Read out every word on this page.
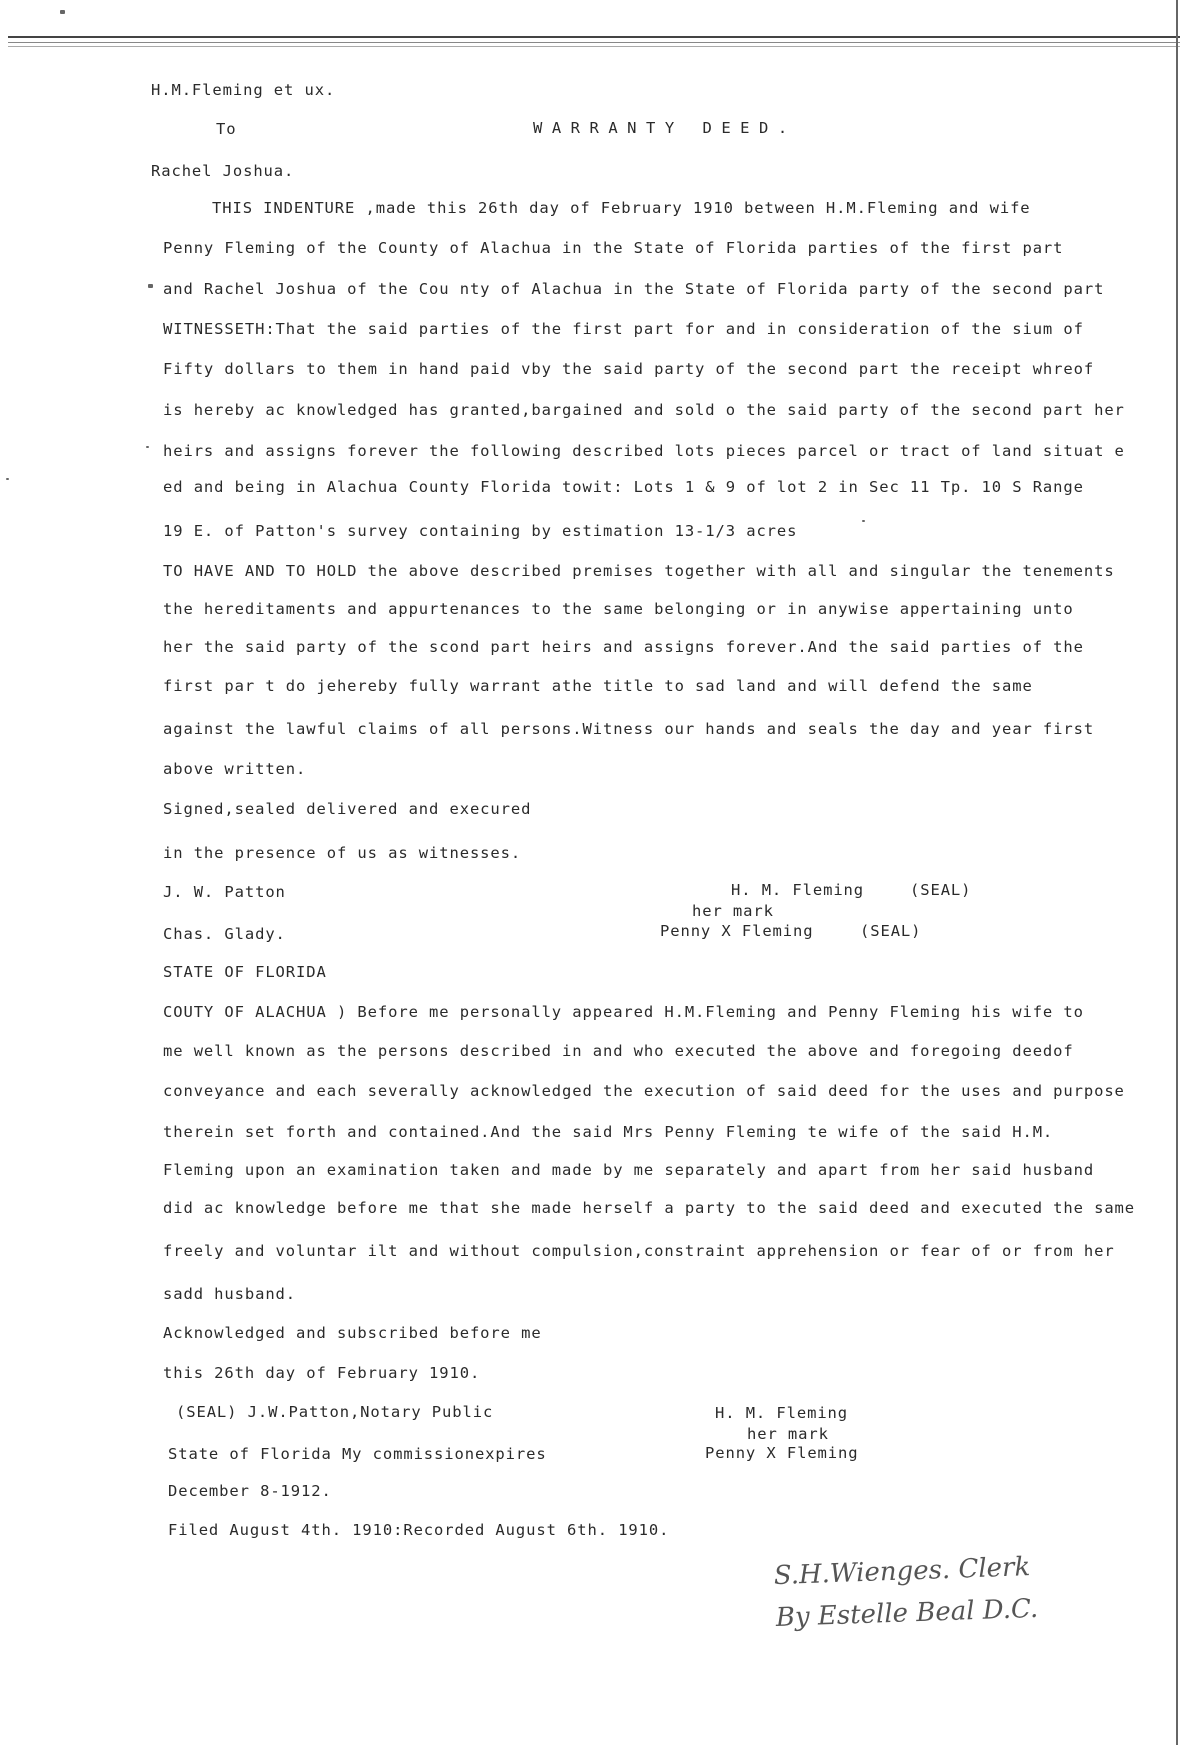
H.M.Fleming et ux.
To	WARRANTY DEED.
Rachel Joshua.
THIS INDENTURE ,made this 26th day of February 1910 between H.M.Fleming and wife
Penny Fleming of the County of Alachua in the State of Florida parties of the first part
and Rachel Joshua of the Cou nty of Alachua in the State of Florida party of the second part
WITNESSETH:That the said parties of the first part for and in consideration of the sium of
Fifty dollars to them in hand paid vby the said party of the second part the receipt whreof
is hereby ac knowledged has granted,bargained and sold o the said party of the second part her
heirs and assigns forever the following described lots pieces parcel or tract of land situat e
ed and being in Alachua County Florida towit: Lots 1 & 9 of lot 2 in Sec 11 Tp. 10 S Range
19 E. of Patton's survey containing by estimation 13-1/3 acres
TO HAVE AND TO HOLD the above described premises together with all and singular the tenements
the hereditaments and appurtenances to the same belonging or in anywise appertaining unto
her the said party of the scond part heirs and assigns forever.And the said parties of the
first par t do jehereby fully warrant athe title to sad land and will defend the same
against the lawful claims of all persons.Witness our hands and seals the day and year first
above written.
Signed,sealed delivered and execured
in the presence of us as witnesses.
J. W. Patton
Chas. Glady.
H. M. Fleming	(SEAL)
her mark
Penny X Fleming	(SEAL)
STATE OF FLORIDA
COUTY OF ALACHUA ) Before me personally appeared H.M.Fleming and Penny Fleming his wife to
me well known as the persons described in and who executed the above and foregoing deedof
conveyance and each severally acknowledged the execution of said deed for the uses and purpose
therein set forth and contained.And the said Mrs Penny Fleming te wife of the said H.M.
Fleming upon an examination taken and made by me separately and apart from her said husband
did ac knowledge before me that she made herself a party to the said deed and executed the same
freely and voluntar ilt and without compulsion,constraint apprehension or fear of or from her
sadd husband.
Acknowledged and subscribed before me
this 26th day of February 1910.
(SEAL) J.W.Patton,Notary Public
State of Florida My commissionexpires
December 8-1912.
Filed August 4th. 1910:Recorded August 6th. 1910.
H. M. Fleming
her mark
Penny X Fleming
S.H.Wienges. Clerk
By Estelle Beal D.C.
